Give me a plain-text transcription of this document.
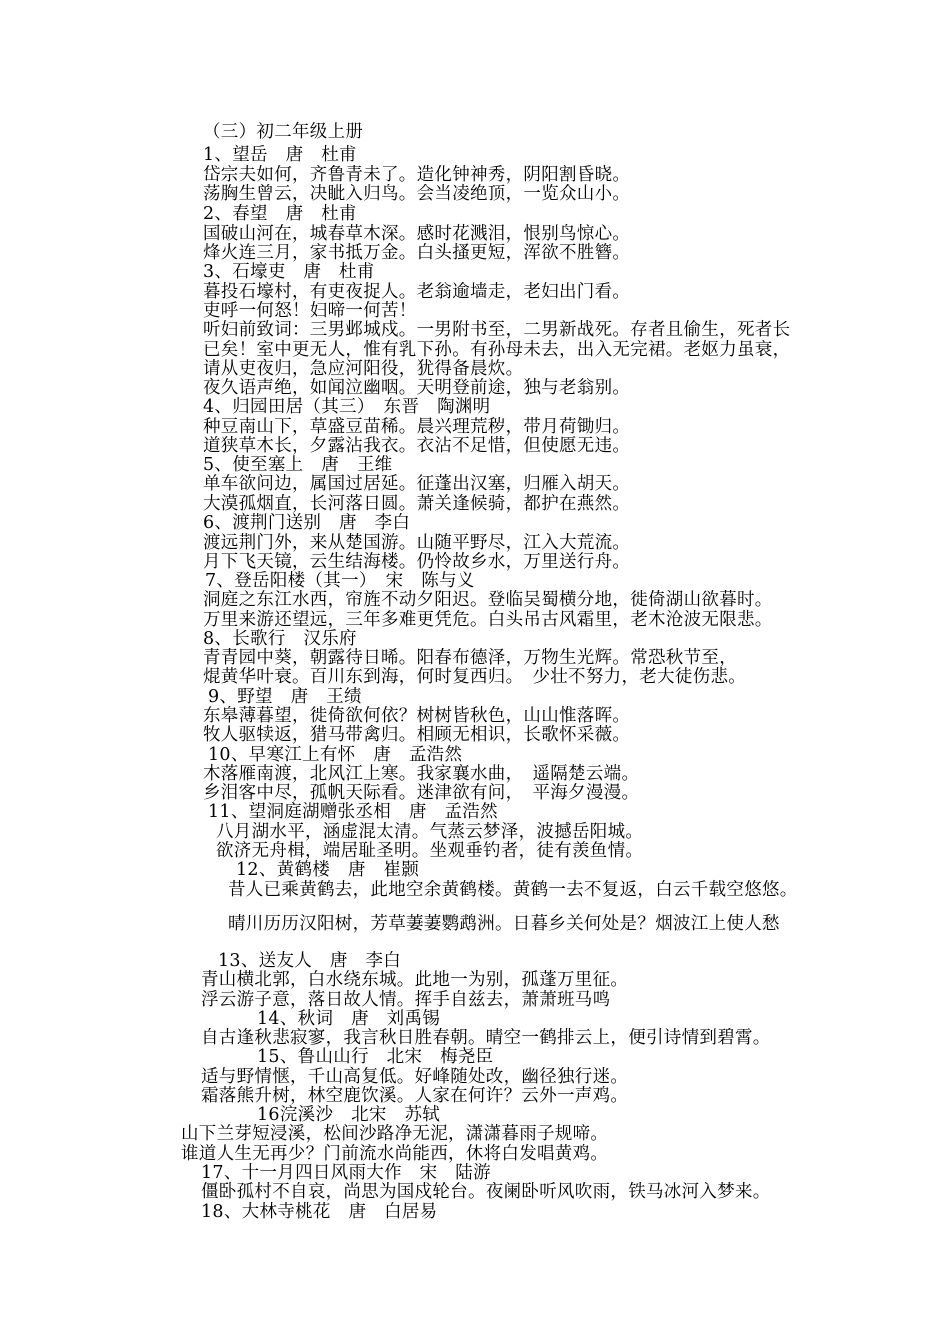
（三）初二年级上册
1、望岳　唐　杜甫
岱宗夫如何，齐鲁青未了。造化钟神秀，阴阳割昏晓。
荡胸生曾云，决眦入归鸟。会当凌绝顶，一览众山小。
2、春望　唐　杜甫
国破山河在，城春草木深。感时花溅泪，恨别鸟惊心。
烽火连三月，家书抵万金。白头搔更短，浑欲不胜簪。
3、石壕吏　唐　杜甫
暮投石壕村，有吏夜捉人。老翁逾墙走，老妇出门看。
吏呼一何怒！妇啼一何苦！
听妇前致词：三男邺城戍。一男附书至，二男新战死。存者且偷生，死者长
已矣！室中更无人，惟有乳下孙。有孙母未去，出入无完裙。老妪力虽衰，
请从吏夜归，急应河阳役，犹得备晨炊。
夜久语声绝，如闻泣幽咽。天明登前途，独与老翁别。
4、归园田居（其三）　东晋　陶渊明
种豆南山下，草盛豆苗稀。晨兴理荒秽，带月荷锄归。
道狭草木长，夕露沾我衣。衣沾不足惜，但使愿无违。
5、使至塞上　唐　王维
单车欲问边，属国过居延。征蓬出汉塞，归雁入胡天。
大漠孤烟直，长河落日圆。萧关逢候骑，都护在燕然。
6、渡荆门送别　唐　李白
渡远荆门外，来从楚国游。山随平野尽，江入大荒流。
月下飞天镜，云生结海楼。仍怜故乡水，万里送行舟。
7、登岳阳楼（其一）　宋　陈与义
洞庭之东江水西，帘旌不动夕阳迟。登临吴蜀横分地，徙倚湖山欲暮时。
万里来游还望远，三年多难更凭危。白头吊古风霜里，老木沧波无限悲。
8、长歌行　汉乐府
青青园中葵，朝露待日晞。阳春布德泽，万物生光辉。常恐秋节至，
焜黄华叶衰。百川东到海，何时复西归。　少壮不努力，老大徒伤悲。
9、野望　唐　王绩
东皋薄暮望，徙倚欲何依？树树皆秋色，山山惟落晖。
牧人驱犊返，猎马带禽归。相顾无相识，长歌怀采薇。
10、早寒江上有怀　唐　孟浩然
木落雁南渡，北风江上寒。我家襄水曲，　遥隔楚云端。
乡泪客中尽，孤帆天际看。迷津欲有问，　平海夕漫漫。
11、望洞庭湖赠张丞相　唐　孟浩然
八月湖水平，涵虚混太清。气蒸云梦泽，波撼岳阳城。
欲济无舟楫，端居耻圣明。坐观垂钓者，徒有羡鱼情。
12、黄鹤楼　唐　崔颢
昔人已乘黄鹤去，此地空余黄鹤楼。黄鹤一去不复返，白云千载空悠悠。
晴川历历汉阳树，芳草萋萋鹦鹉洲。日暮乡关何处是？烟波江上使人愁
13、送友人　唐　李白
青山横北郭，白水绕东城。此地一为别，孤蓬万里征。
浮云游子意，落日故人情。挥手自兹去，萧萧班马鸣
14、秋词　唐　刘禹锡
自古逢秋悲寂寥，我言秋日胜春朝。晴空一鹤排云上，便引诗情到碧霄。
15、鲁山山行　北宋　梅尧臣
适与野情惬，千山高复低。好峰随处改，幽径独行迷。
霜落熊升树，林空鹿饮溪。人家在何许？云外一声鸡。
16浣溪沙　北宋　苏轼
山下兰芽短浸溪，松间沙路净无泥，潇潇暮雨子规啼。
谁道人生无再少？门前流水尚能西，休将白发唱黄鸡。
17、十一月四日风雨大作　宋　陆游
僵卧孤村不自哀，尚思为国戍轮台。夜阑卧听风吹雨，铁马冰河入梦来。
18、大林寺桃花　唐　白居易
